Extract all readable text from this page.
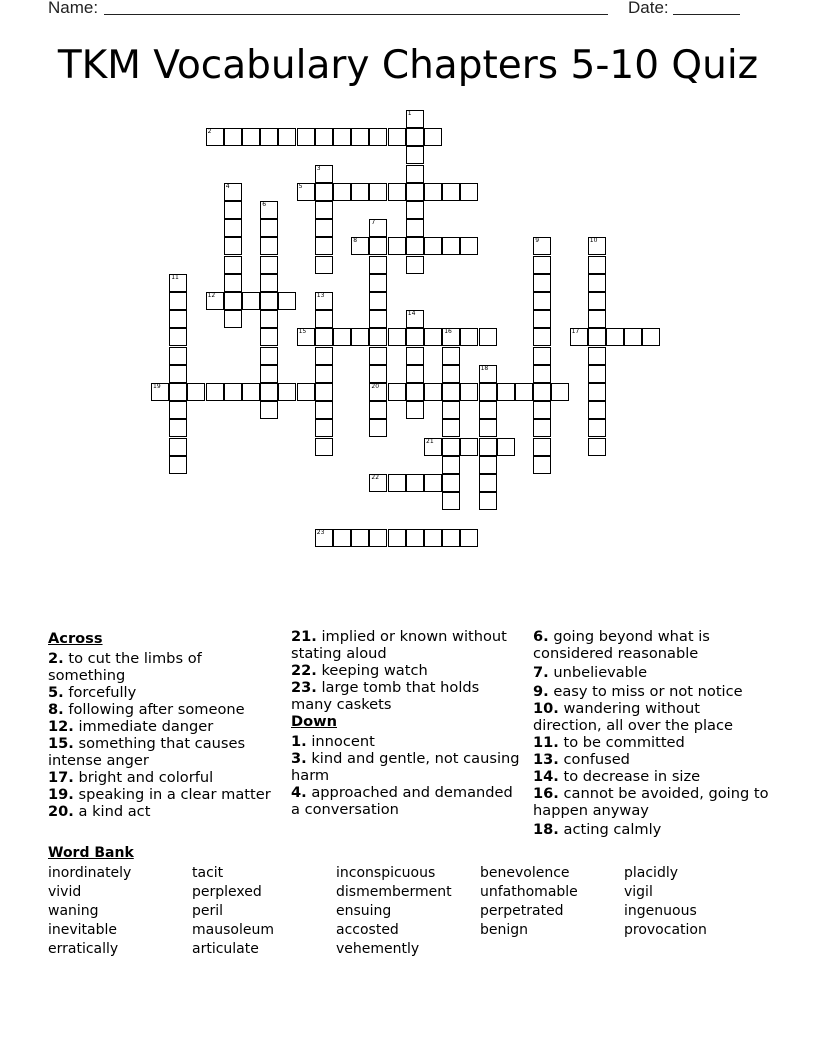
Name:	Date:
TKM Vocabulary Chapters 5-10 Quiz
1
2
3
4	5
6
7
20
8	9	10
11
12	13
14
15	16	17
18
19
21
22
23
Across
2. to cut the limbs of something
5. forcefully
8. following after someone
12. immediate danger
15. something that causes intense anger
17. bright and colorful
19. speaking in a clear matter
20. a kind act
21. implied or known without stating aloud
22. keeping watch
23. large tomb that holds many caskets
Down
1. innocent
3. kind and gentle, not causing harm
4. approached and demanded a conversation
6. going beyond what is considered reasonable
7. unbelievable
9. easy to miss or not notice
10. wandering without direction, all over the place
11. to be committed
13. confused
14. to decrease in size
16. cannot be avoided, going to happen anyway
18. acting calmly
Word Bank
inordinately
vivid
waning
inevitable
erratically
tacit
perplexed
peril
mausoleum
articulate
inconspicuous
dismemberment
ensuing
accosted
vehemently
benevolence
unfathomable
perpetrated
benign
placidly
vigil
ingenuous
provocation
